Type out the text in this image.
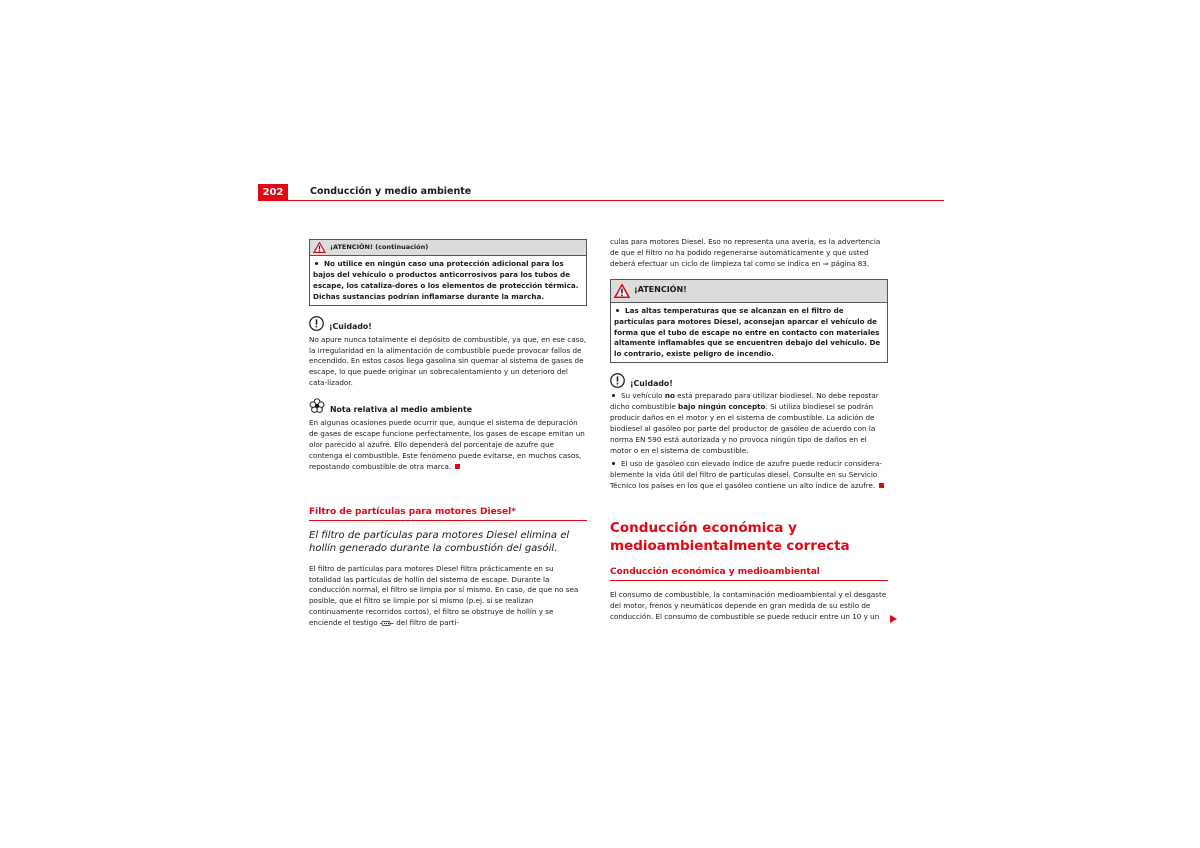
202	Conducción y medio ambiente
¡ATENCIÓN! (continuación)
No utilice en ningún caso una protección adicional para los bajos del vehículo o productos anticorrosivos para los tubos de escape, los cataliza-dores o los elementos de protección térmica. Dichas sustancias podrían inflamarse durante la marcha.
¡Cuidado!

No apure nunca totalmente el depósito de combustible, ya que, en ese caso, la irregularidad en la alimentación de combustible puede provocar fallos de encendido. En estos casos llega gasolina sin quemar al sistema de gases de escape, lo que puede originar un sobrecalentamiento y un deterioro del cata-lizador.

Nota relativa al medio ambiente

En algunas ocasiones puede ocurrir que, aunque el sistema de depuración de gases de escape funcione perfectamente, los gases de escape emitan un olor parecido al azufre. Ello dependerá del porcentaje de azufre que contenga el combustible. Este fenómeno puede evitarse, en muchos casos, repostando combustible de otra marca.

Filtro de partículas para motores Diesel*

El filtro de partículas para motores Diesel elimina el hollín generado durante la combustión del gasóil.

El filtro de partículas para motores Diesel filtra prácticamente en su totalidad las partículas de hollín del sistema de escape. Durante la conducción normal, el filtro se limpia por sí mismo. En caso, de que no sea posible, que el filtro se limpie por sí mismo (p.ej. si se realizan continuamente recorridos cortos), el filtro se obstruye de hollín y se enciende el testigo	del filtro de parti-

culas para motores Diesel. Eso no representa una avería, es la advertencia de que el filtro no ha podido regenerarse automáticamente y que usted deberá efectuar un ciclo de limpieza tal como se indica en ⇒ página 83.

¡ATENCIÓN!
Las altas temperaturas que se alcanzan en el filtro de partículas para motores Diesel, aconsejan aparcar el vehículo de forma que el tubo de escape no entre en contacto con materiales altamente inflamables que se encuentren debajo del vehículo. De lo contrario, existe peligro de incendio.
¡Cuidado!

Su vehículo no está preparado para utilizar biodiesel. No debe repostar dicho combustible bajo ningún concepto. Si utiliza biodiesel se podrán producir daños en el motor y en el sistema de combustible. La adición de biodiesel al gasóleo por parte del productor de gasóleo de acuerdo con la norma EN 590 está autorizada y no provoca ningún tipo de daños en el motor o en el sistema de combustible.

El uso de gasóleo con elevado índice de azufre puede reducir considera-blemente la vida útil del filtro de partículas diesel. Consulte en su Servicio Técnico los países en los que el gasóleo contiene un alto índice de azufre.

Conducción económica y medioambientalmente correcta
Conducción económica y medioambiental

El consumo de combustible, la contaminación medioambiental y el desgaste del motor, frenos y neumáticos depende en gran medida de su estilo de conducción. El consumo de combustible se puede reducir entre un 10 y un
